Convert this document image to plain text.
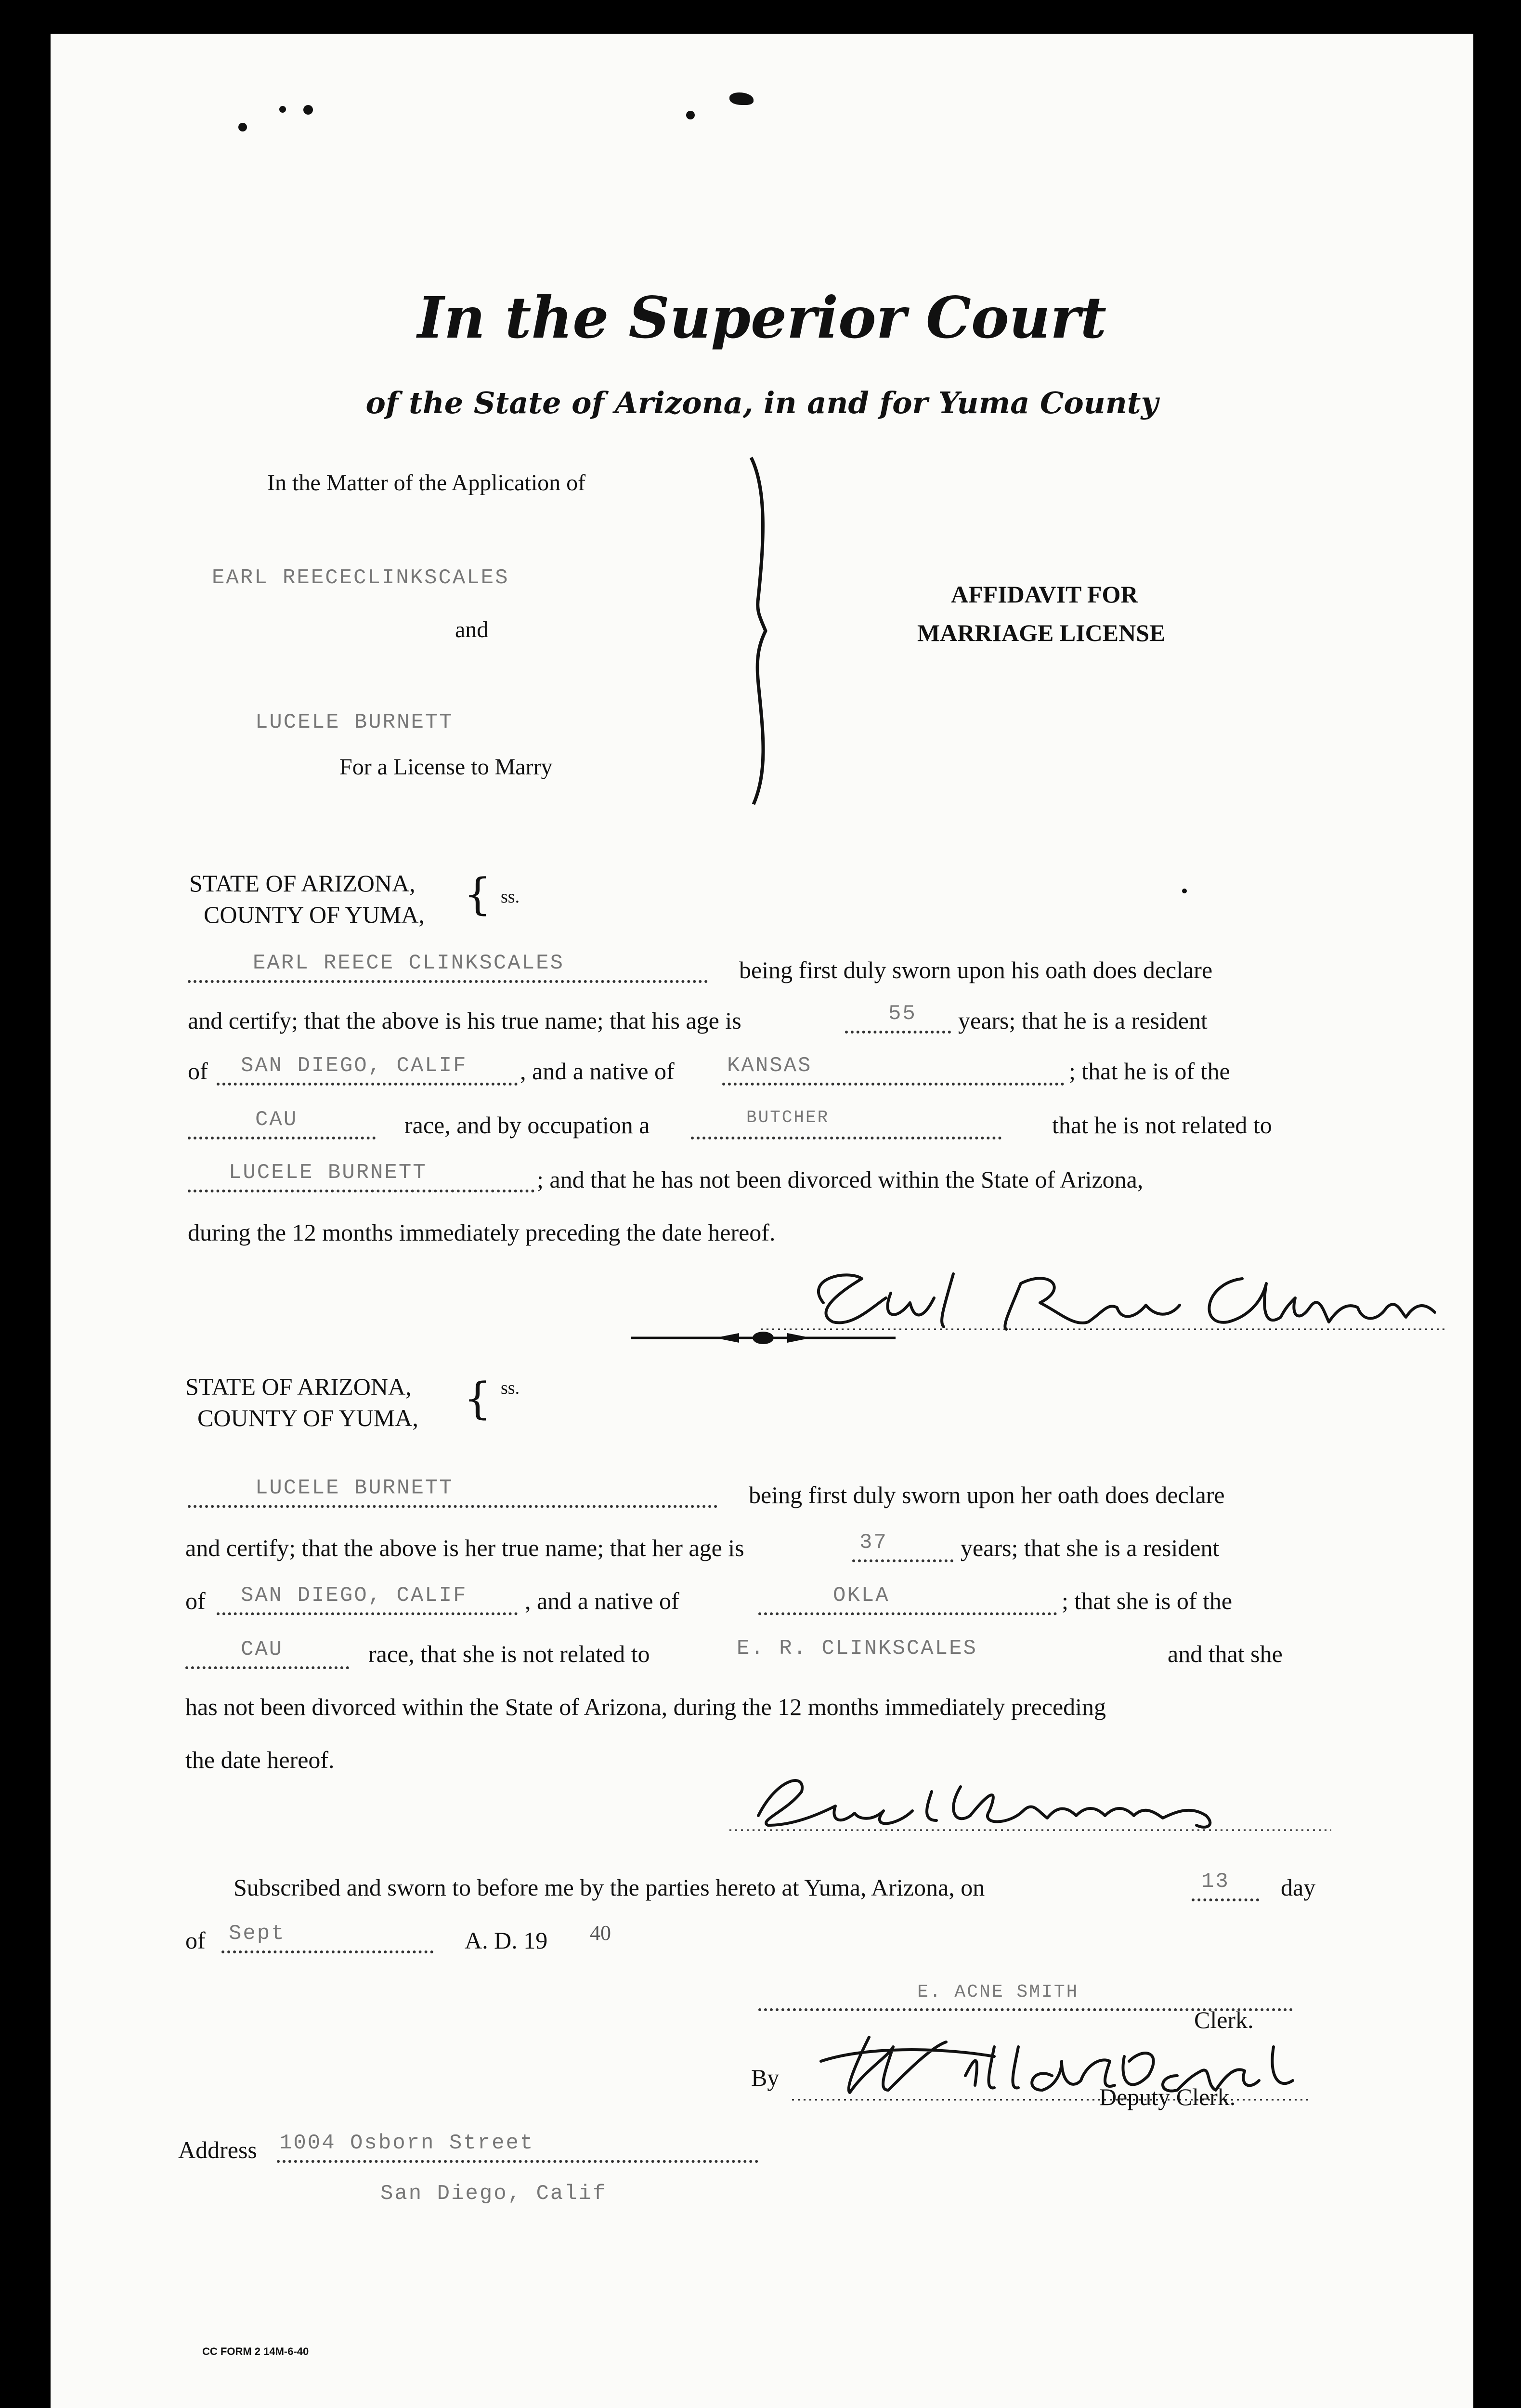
In the Superior Court
of the State of Arizona, in and for Yuma County
In the Matter of the Application of
EARL REECECLINKSCALES
and
LUCELE BURNETT
For a License to Marry
AFFIDAVIT FOR
MARRIAGE LICENSE
STATE OF ARIZONA,
COUNTY OF YUMA, { ss.
EARL REECE CLINKSCALES	being first duly sworn upon his oath does declare
and certify; that the above is his true name; that his age is	55 years; that he is a resident
of SAN DIEGO, CALIF , and a native of KANSAS	; that he is of the
CAU	race, and by occupation a	BUTCHER	that he is not related to
LUCELE BURNETT	; and that he has not been divorced within the State of Arizona,
during the 12 months immediately preceding the date hereof.
STATE OF ARIZONA,
COUNTY OF YUMA, { ss.
LUCELE BURNETT	being first duly sworn upon her oath does declare
and certify; that the above is her true name; that her age is	37	years; that she is a resident
of SAN DIEGO, CALIF , and a native of	OKLA	; that she is of the
CAU	race, that she is not related to	E. R. CLINKSCALES	and that she
has not been divorced within the State of Arizona, during the 12 months immediately preceding
the date hereof.
Subscribed and sworn to before me by the parties hereto at Yuma, Arizona, on	13 day
of Sept	A. D. 19 40
E. ACNE SMITH
Clerk.
By
Deputy Clerk.
Address 1004 Osborn Street
San Diego, Calif
CC FORM 2 14M-6-40
